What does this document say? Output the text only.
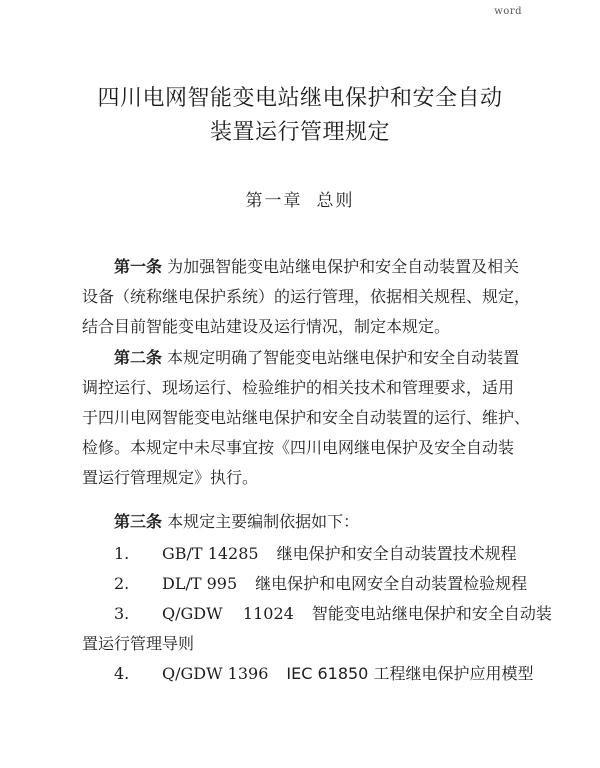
word
四川电网智能变电站继电保护和安全自动
装置运行管理规定
第一章 总则

第一条 为加强智能变电站继电保护和安全自动装置及相关
设备（统称继电保护系统）的运行管理，依据相关规程、规定，
结合目前智能变电站建设及运行情况，制定本规定。

第二条 本规定明确了智能变电站继电保护和安全自动装置
调控运行、现场运行、检验维护的相关技术和管理要求，适用
于四川电网智能变电站继电保护和安全自动装置的运行、维护、
检修。本规定中未尽事宜按《四川电网继电保护及安全自动装
置运行管理规定》执行。

第三条 本规定主要编制依据如下：

1. GB/T 14285 继电保护和安全自动装置技术规程
2. DL/T 995 继电保护和电网安全自动装置检验规程
3. Q/GDW    11024 智能变电站继电保护和安全自动装
置运行管理导则
4. Q/GDW 1396 IEC 61850 工程继电保护应用模型
